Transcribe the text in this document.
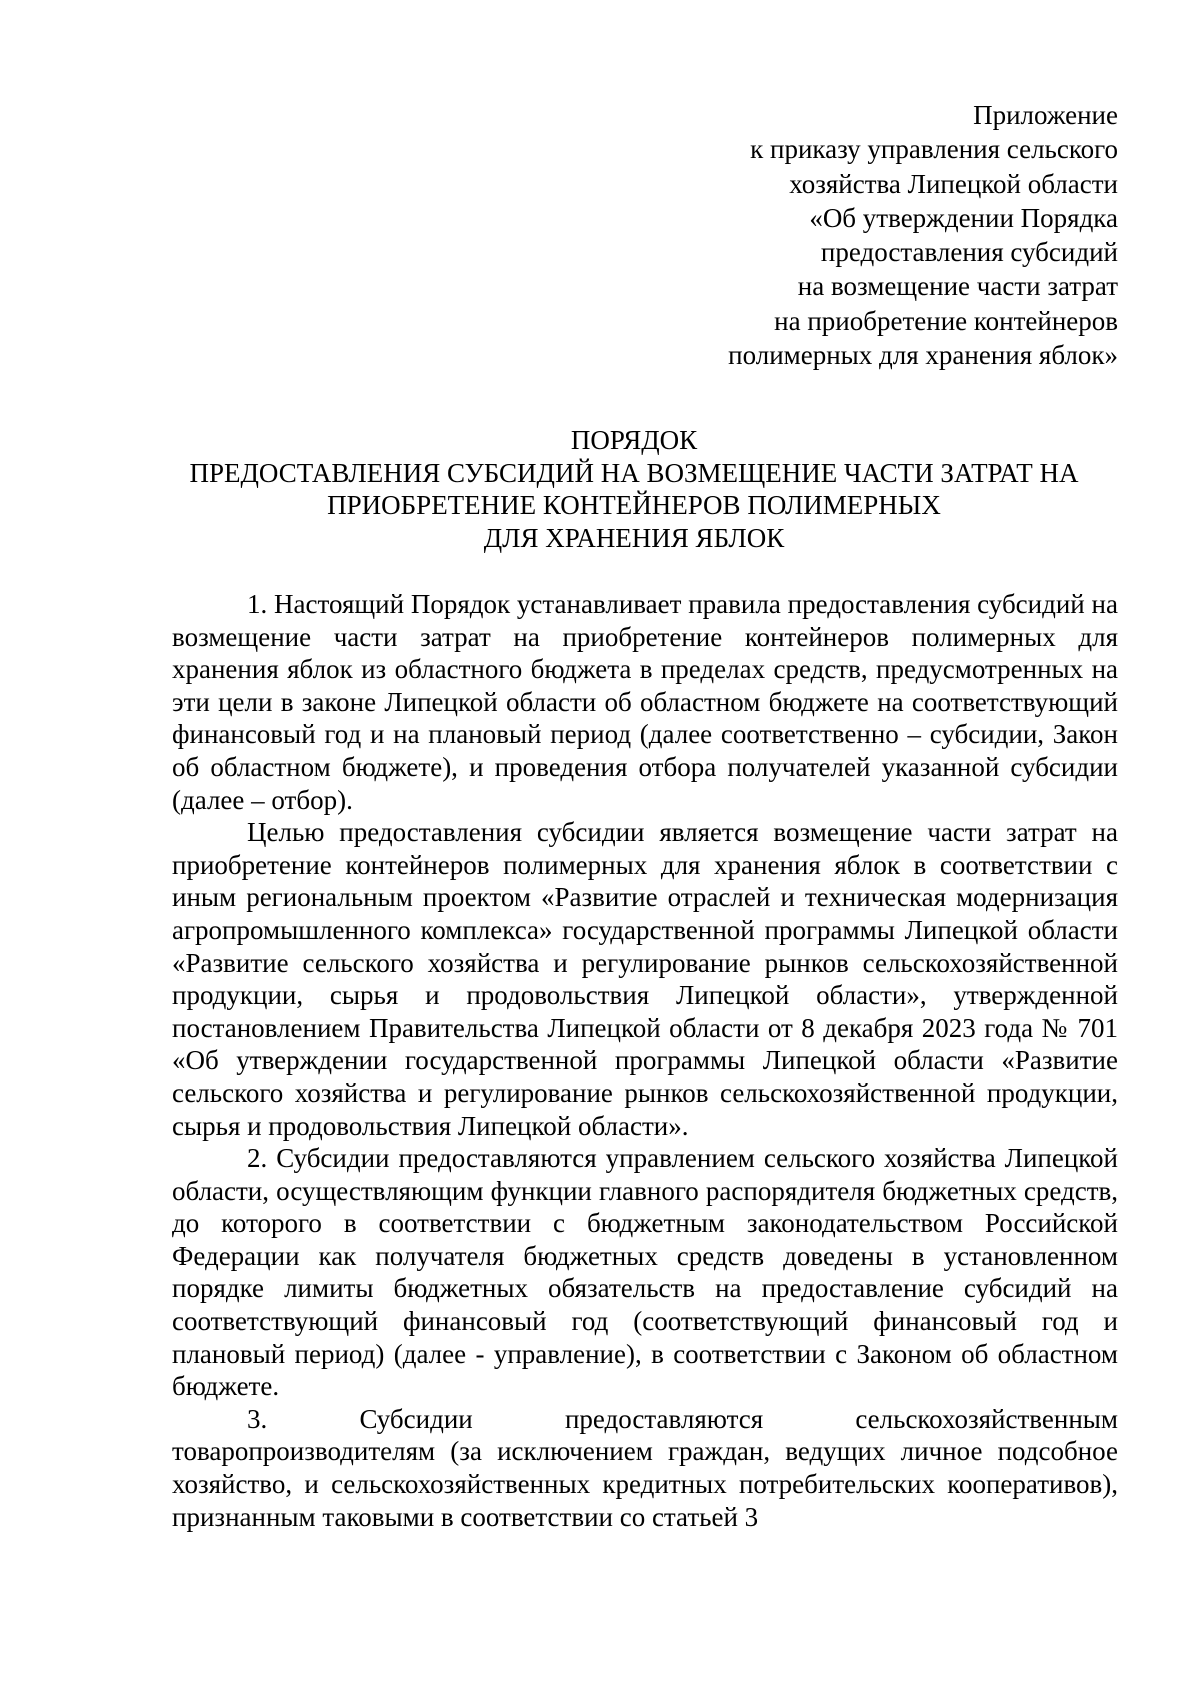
Приложение
к приказу управления сельского
хозяйства Липецкой области
«Об утверждении Порядка
предоставления субсидий
на возмещение части затрат
на приобретение контейнеров
полимерных для хранения яблок»
ПОРЯДОК
ПРЕДОСТАВЛЕНИЯ СУБСИДИЙ НА ВОЗМЕЩЕНИЕ ЧАСТИ ЗАТРАТ НА
ПРИОБРЕТЕНИЕ КОНТЕЙНЕРОВ ПОЛИМЕРНЫХ
ДЛЯ ХРАНЕНИЯ ЯБЛОК

1. Настоящий Порядок устанавливает правила предоставления субсидий на возмещение части затрат на приобретение контейнеров полимерных для хранения яблок из областного бюджета в пределах средств, предусмотренных на эти цели в законе Липецкой области об областном бюджете на соответствующий финансовый год и на плановый период (далее соответственно – субсидии, Закон об областном бюджете), и проведения отбора получателей указанной субсидии (далее – отбор).

Целью предоставления субсидии является возмещение части затрат на приобретение контейнеров полимерных для хранения яблок в соответствии с иным региональным проектом «Развитие отраслей и техническая модернизация агропромышленного комплекса» государственной программы Липецкой области «Развитие сельского хозяйства и регулирование рынков сельскохозяйственной продукции, сырья и продовольствия Липецкой области», утвержденной постановлением Правительства Липецкой области от 8 декабря 2023 года № 701 «Об утверждении государственной программы Липецкой области «Развитие сельского хозяйства и регулирование рынков сельскохозяйственной продукции, сырья и продовольствия Липецкой области».

2. Субсидии предоставляются управлением сельского хозяйства Липецкой области, осуществляющим функции главного распорядителя бюджетных средств, до которого в соответствии с бюджетным законодательством Российской Федерации как получателя бюджетных средств доведены в установленном порядке лимиты бюджетных обязательств на предоставление субсидий на соответствующий финансовый год (соответствующий финансовый год и плановый период) (далее - управление), в соответствии с Законом об областном бюджете.

3. Субсидии предоставляются сельскохозяйственным товаропроизводителям (за исключением граждан, ведущих личное подсобное хозяйство, и сельскохозяйственных кредитных потребительских кооперативов), признанным таковыми в соответствии со статьей 3
